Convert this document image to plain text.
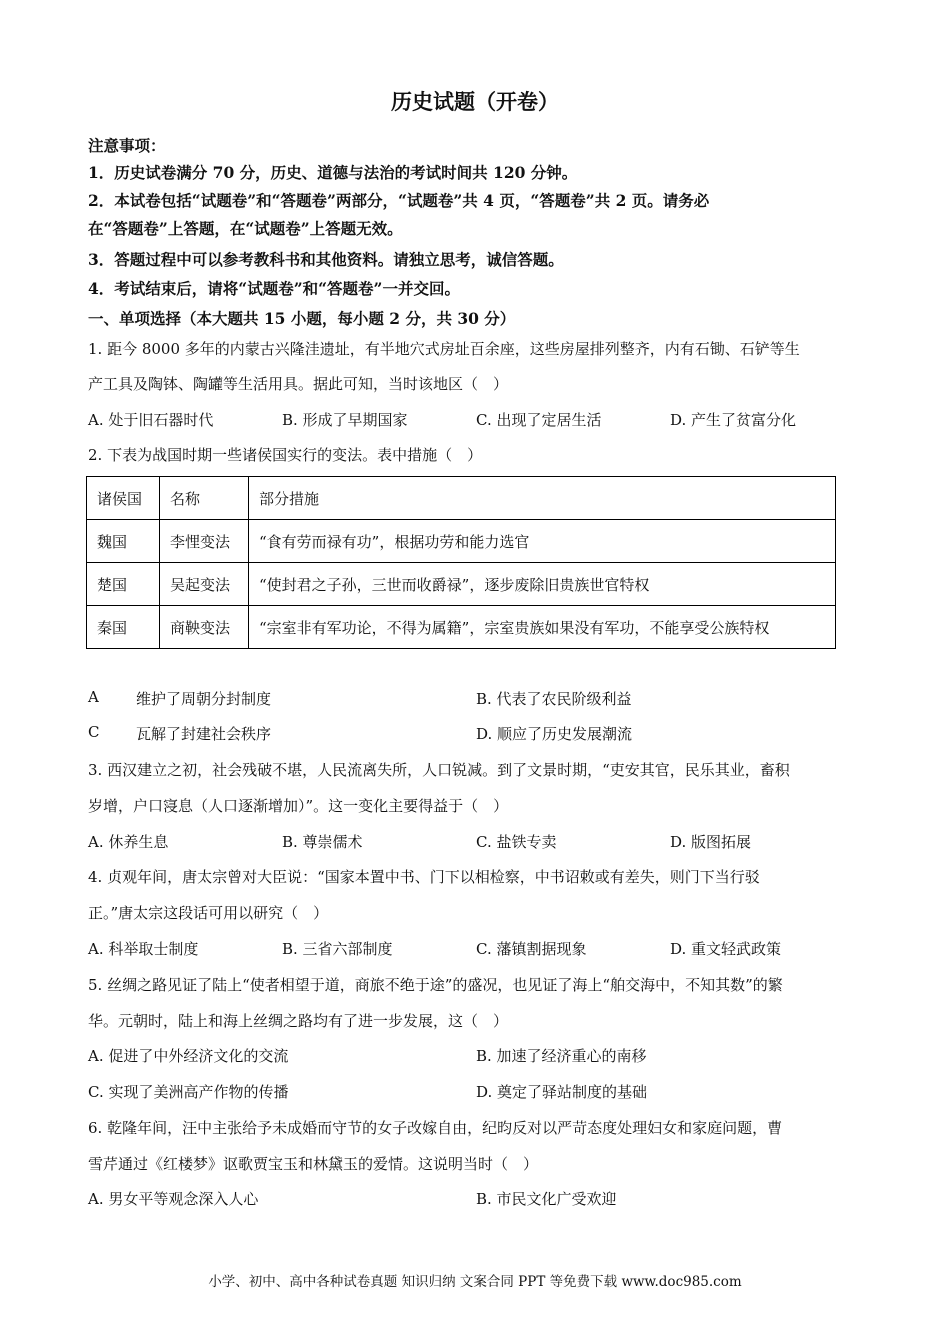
历史试题（开卷）
注意事项：
1．历史试卷满分 70 分，历史、道德与法治的考试时间共 120 分钟。
2．本试卷包括“试题卷”和“答题卷”两部分，“试题卷”共 4 页，“答题卷”共 2 页。请务必
在“答题卷”上答题，在“试题卷”上答题无效。
3．答题过程中可以参考教科书和其他资料。请独立思考，诚信答题。
4．考试结束后，请将“试题卷”和“答题卷”一并交回。
一、单项选择（本大题共 15 小题，每小题 2 分，共 30 分）
1. 距今 8000 多年的内蒙古兴隆洼遗址，有半地穴式房址百余座，这些房屋排列整齐，内有石锄、石铲等生
产工具及陶钵、陶罐等生活用具。据此可知，当时该地区（　）
A. 处于旧石器时代	B. 形成了早期国家	C. 出现了定居生活	D. 产生了贫富分化
2. 下表为战国时期一些诸侯国实行的变法。表中措施（　）
诸侯国	名称	部分措施
魏国	李悝变法	“食有劳而禄有功”，根据功劳和能力选官
楚国	吴起变法	“使封君之子孙，三世而收爵禄”，逐步废除旧贵族世官特权
秦国	商鞅变法	“宗室非有军功论，不得为属籍”，宗室贵族如果没有军功，不能享受公族特权
A 维护了周朝分封制度	B. 代表了农民阶级利益
C 瓦解了封建社会秩序	D. 顺应了历史发展潮流
3. 西汉建立之初，社会残破不堪，人民流离失所，人口锐减。到了文景时期，“吏安其官，民乐其业，畜积
岁增，户口寖息（人口逐渐增加）”。这一变化主要得益于（　）
A. 休养生息	B. 尊崇儒术	C. 盐铁专卖	D. 版图拓展
4. 贞观年间，唐太宗曾对大臣说：“国家本置中书、门下以相检察，中书诏敕或有差失，则门下当行驳
正。”唐太宗这段话可用以研究（　）
A. 科举取士制度	B. 三省六部制度	C. 藩镇割据现象	D. 重文轻武政策
5. 丝绸之路见证了陆上“使者相望于道，商旅不绝于途”的盛况，也见证了海上“舶交海中，不知其数”的繁
华。元朝时，陆上和海上丝绸之路均有了进一步发展，这（　）
A. 促进了中外经济文化的交流	B. 加速了经济重心的南移
C. 实现了美洲高产作物的传播	D. 奠定了驿站制度的基础
6. 乾隆年间，汪中主张给予未成婚而守节的女子改嫁自由，纪昀反对以严苛态度处理妇女和家庭问题，曹
雪芹通过《红楼梦》讴歌贾宝玉和林黛玉的爱情。这说明当时（　）
A. 男女平等观念深入人心	B. 市民文化广受欢迎
小学、初中、高中各种试卷真题 知识归纳 文案合同 PPT 等免费下载 www.doc985.com
